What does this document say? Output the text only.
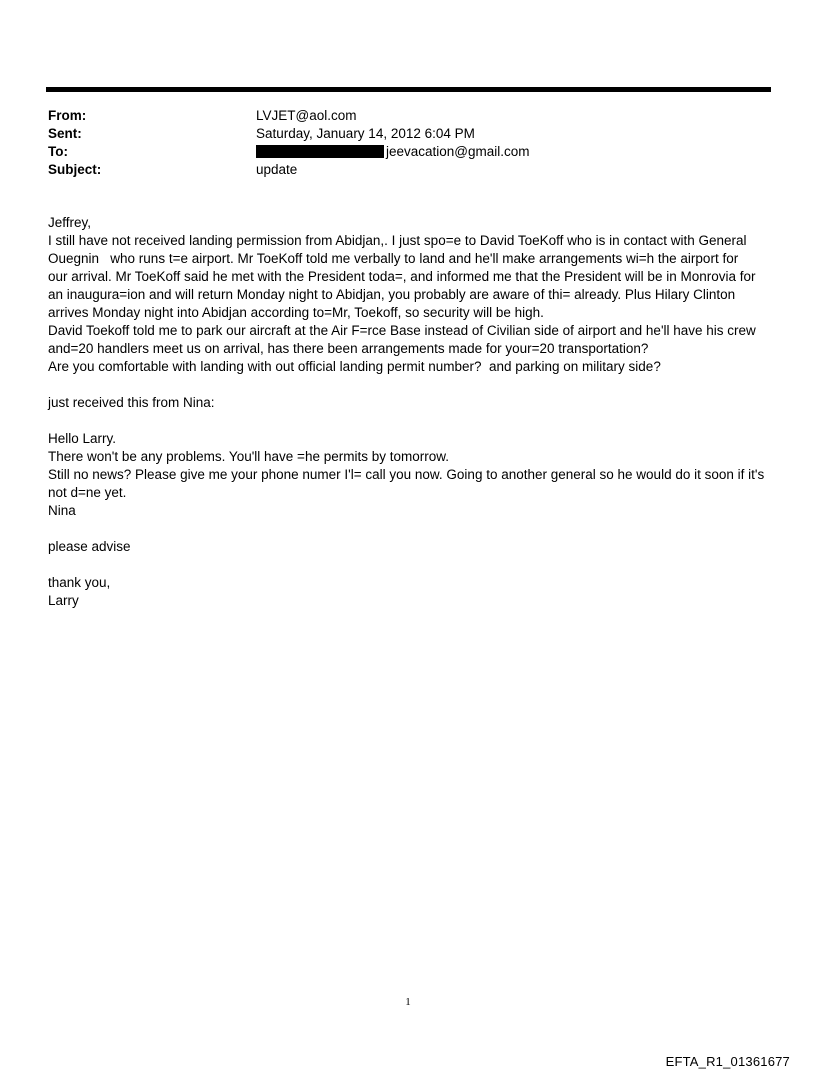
From:	LVJET@aol.com
Sent:	Saturday, January 14, 2012 6:04 PM
To:	jeevacation@gmail.com
Subject:	update

Jeffrey,

I still have not received landing permission from Abidjan,. I just spo=e to David ToeKoff who is in contact with General

Ouegnin   who runs t=e airport. Mr ToeKoff told me verbally to land and he'll make arrangements wi=h the airport for

our arrival. Mr ToeKoff said he met with the President toda=, and informed me that the President will be in Monrovia for

an inaugura=ion and will return Monday night to Abidjan, you probably are aware of thi= already. Plus Hilary Clinton

arrives Monday night into Abidjan according to=Mr, Toekoff, so security will be high.

David Toekoff told me to park our aircraft at the Air F=rce Base instead of Civilian side of airport and he'll have his crew

and=20 handlers meet us on arrival, has there been arrangements made for your=20 transportation?

Are you comfortable with landing with out official landing permit number?  and parking on military side?

just received this from Nina:

Hello Larry.

There won't be any problems. You'll have =he permits by tomorrow.

Still no news? Please give me your phone numer I'l= call you now. Going to another general so he would do it soon if it's

not d=ne yet.

Nina

please advise

thank you,

Larry

1
EFTA_R1_01361677
